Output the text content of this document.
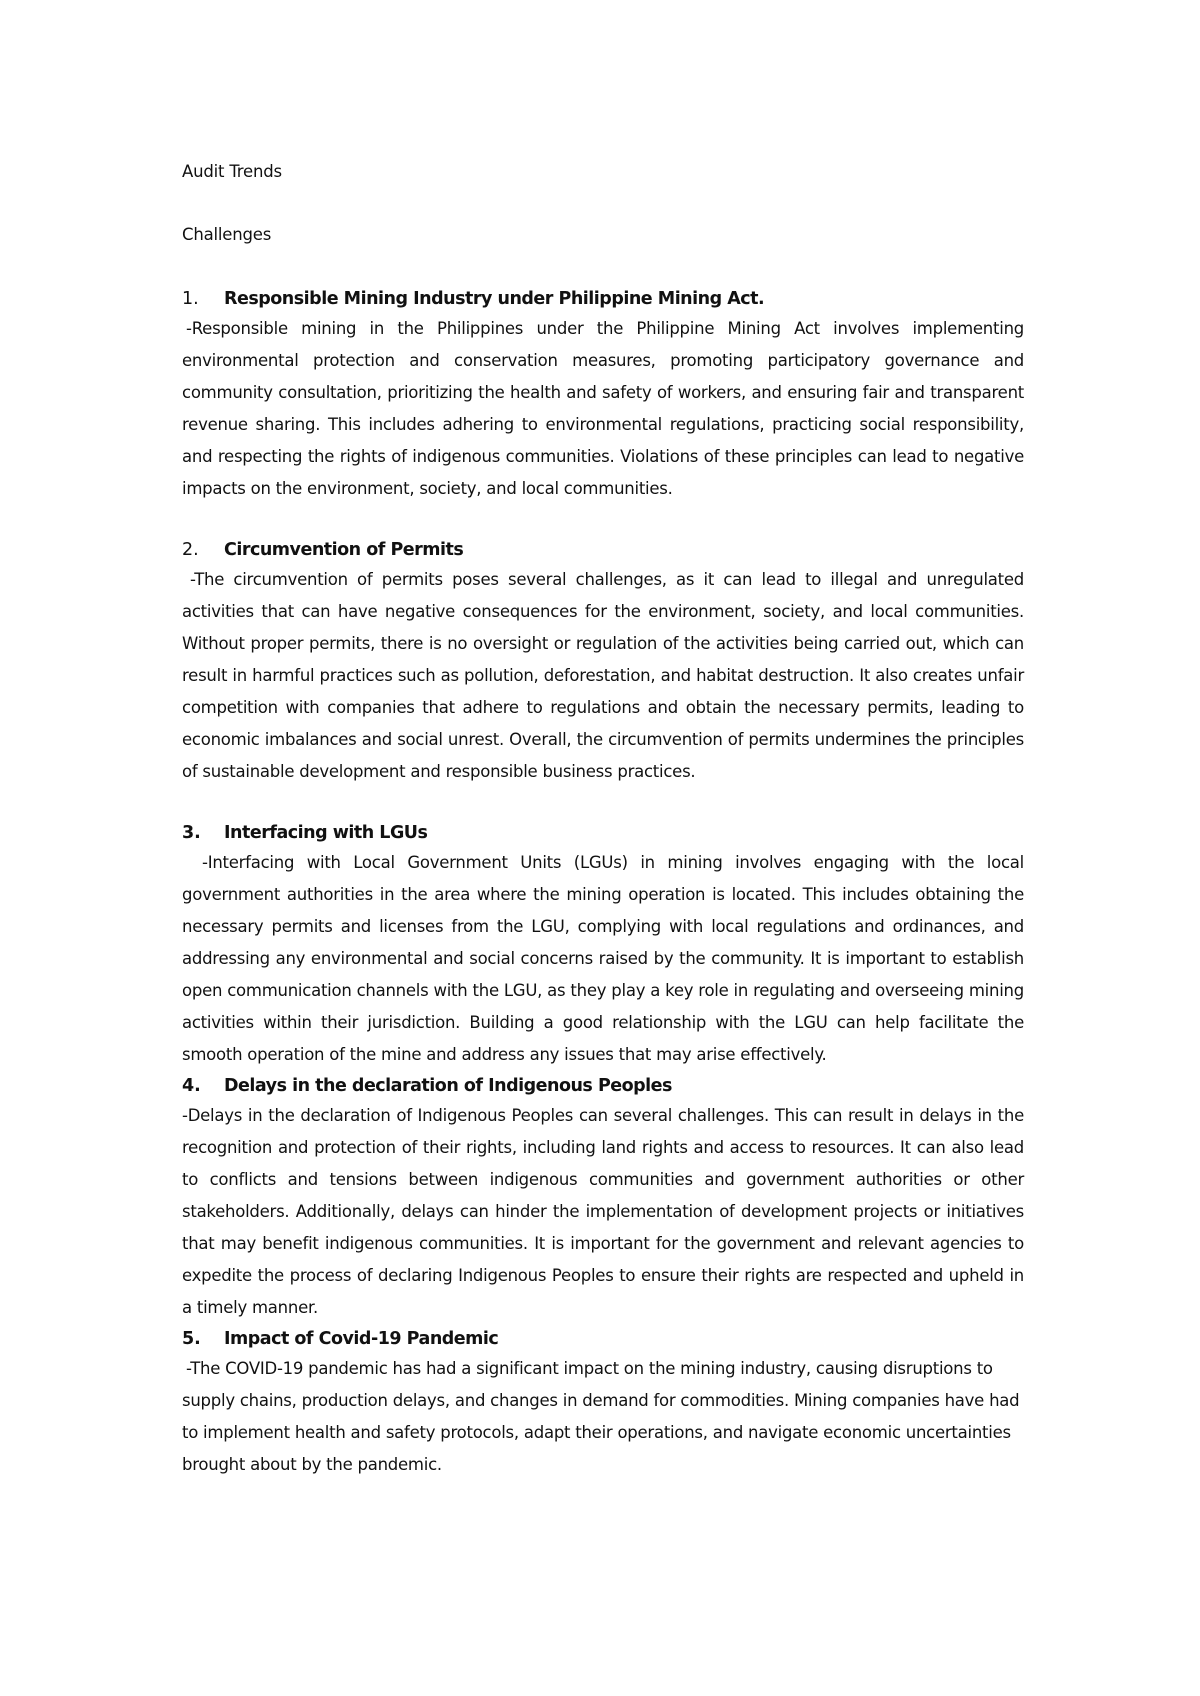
Audit Trends

Challenges

1.	Responsible Mining Industry under Philippine Mining Act.

-Responsible mining in the Philippines under the Philippine Mining Act involves implementing environmental protection and conservation measures, promoting participatory governance and community consultation, prioritizing the health and safety of workers, and ensuring fair and transparent revenue sharing. This includes adhering to environmental regulations, practicing social responsibility, and respecting the rights of indigenous communities. Violations of these principles can lead to negative impacts on the environment, society, and local communities.

2.	Circumvention of Permits

-The circumvention of permits poses several challenges, as it can lead to illegal and unregulated activities that can have negative consequences for the environment, society, and local communities. Without proper permits, there is no oversight or regulation of the activities being carried out, which can result in harmful practices such as pollution, deforestation, and habitat destruction. It also creates unfair competition with companies that adhere to regulations and obtain the necessary permits, leading to economic imbalances and social unrest. Overall, the circumvention of permits undermines the principles of sustainable development and responsible business practices.

3.	Interfacing with LGUs

-Interfacing with Local Government Units (LGUs) in mining involves engaging with the local government authorities in the area where the mining operation is located. This includes obtaining the necessary permits and licenses from the LGU, complying with local regulations and ordinances, and addressing any environmental and social concerns raised by the community. It is important to establish open communication channels with the LGU, as they play a key role in regulating and overseeing mining activities within their jurisdiction. Building a good relationship with the LGU can help facilitate the smooth operation of the mine and address any issues that may arise effectively.

4.	Delays in the declaration of Indigenous Peoples

-Delays in the declaration of Indigenous Peoples can several challenges. This can result in delays in the recognition and protection of their rights, including land rights and access to resources. It can also lead to conflicts and tensions between indigenous communities and government authorities or other stakeholders. Additionally, delays can hinder the implementation of development projects or initiatives that may benefit indigenous communities. It is important for the government and relevant agencies to expedite the process of declaring Indigenous Peoples to ensure their rights are respected and upheld in a timely manner.

5.	Impact of Covid-19 Pandemic

-The COVID-19 pandemic has had a significant impact on the mining industry, causing disruptions to supply chains, production delays, and changes in demand for commodities. Mining companies have had to implement health and safety protocols, adapt their operations, and navigate economic uncertainties brought about by the pandemic.
